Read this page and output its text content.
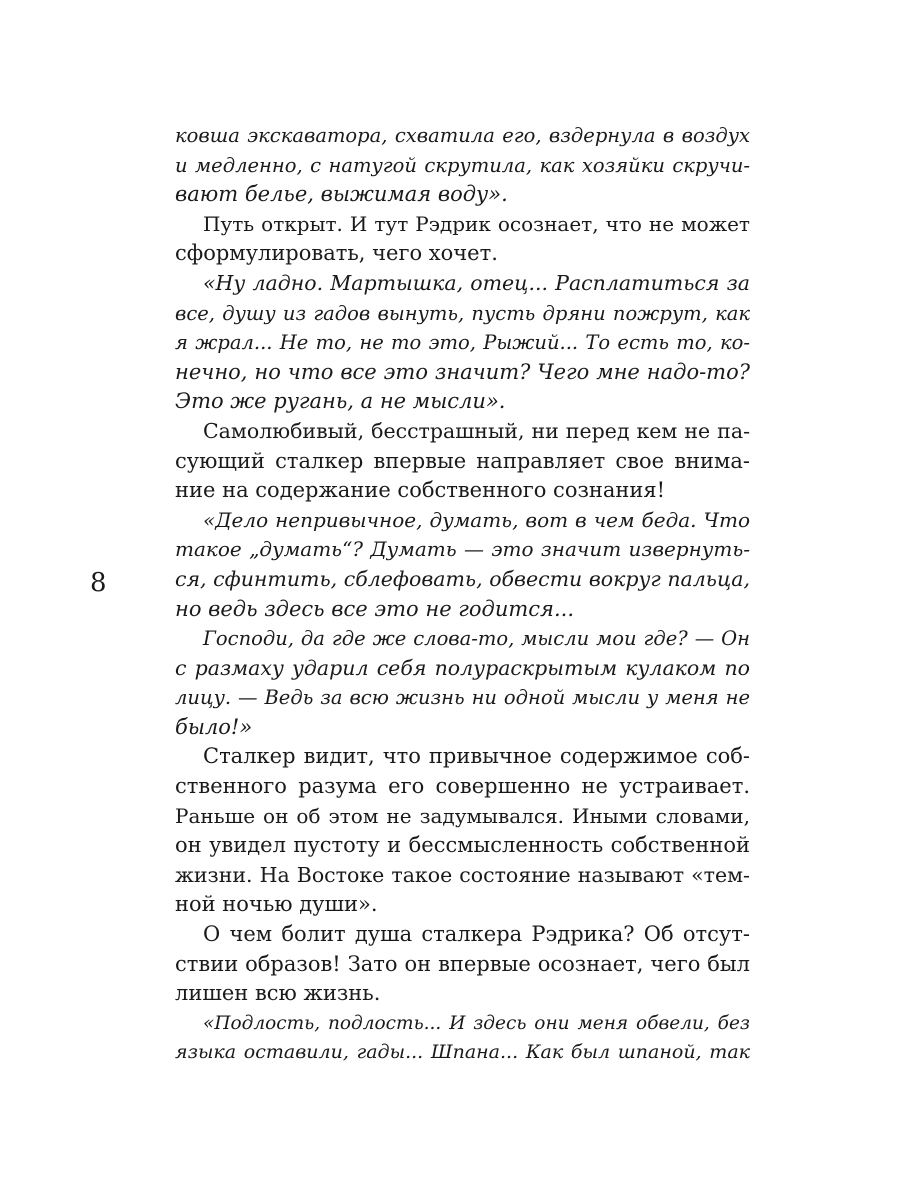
ковша экскаватора, схватила его, вздернула в воздух
и медленно, с натугой скрутила, как хозяйки скручи-
вают белье, выжимая воду».
Путь открыт. И тут Рэдрик осознает, что не может
сформулировать, чего хочет.
«Ну ладно. Мартышка, отец... Расплатиться за
все, душу из гадов вынуть, пусть дряни пожрут, как
я жрал... Не то, не то это, Рыжий... То есть то, ко-
нечно, но что все это значит? Чего мне надо-то?
Это же ругань, а не мысли».
Самолюбивый, бесстрашный, ни перед кем не па-
сующий сталкер впервые направляет свое внима-
ние на содержание собственного сознания!
«Дело непривычное, думать, вот в чем беда. Что
такое „думать“? Думать — это значит извернуть-
ся, сфинтить, сблефовать, обвести вокруг пальца,
но ведь здесь все это не годится...
Господи, да где же слова-то, мысли мои где? — Он
с размаху ударил себя полураскрытым кулаком по
лицу. — Ведь за всю жизнь ни одной мысли у меня не
было!»
Сталкер видит, что привычное содержимое соб-
ственного разума его совершенно не устраивает.
Раньше он об этом не задумывался. Иными словами,
он увидел пустоту и бессмысленность собственной
жизни. На Востоке такое состояние называют «тем-
ной ночью души».
О чем болит душа сталкера Рэдрика? Об отсут-
ствии образов! Зато он впервые осознает, чего был
лишен всю жизнь.
«Подлость, подлость... И здесь они меня обвели, без
языка оставили, гады... Шпана... Как был шпаной, так
8
